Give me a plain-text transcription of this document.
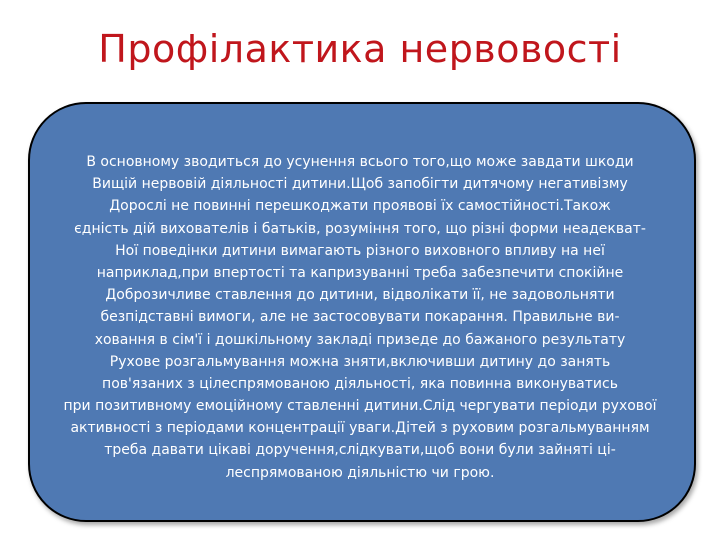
Профілактика нервовості
В основному зводиться до усунення всього того,що може завдати шкоди
Вищій нервовій діяльності дитини.Щоб запобігти дитячому негативізму
Дорослі не повинні перешкоджати проявові їх самостійності.Також
єдність дій вихователів і батьків, розуміння того, що різні форми неадекват-
Ної поведінки дитини вимагають різного виховного впливу на неї
наприклад,при впертості та капризуванні треба забезпечити спокійне
Доброзичливе ставлення до дитини, відволікати її, не задовольняти
безпідставні вимоги, але не застосовувати покарання. Правильне ви-
ховання в сім'ї і дошкільному закладі призеде до бажаного результату
Рухове розгальмування можна зняти,включивши дитину до занять
пов'язаних з цілеспрямованою діяльності, яка повинна виконуватись
при позитивному емоційному ставленні дитини.Слід чергувати періоди рухової
активності з періодами концентрації уваги.Дітей з руховим розгальмуванням
треба давати цікаві доручення,слідкувати,щоб вони були зайняті ці-
леспрямованою діяльністю чи грою.
